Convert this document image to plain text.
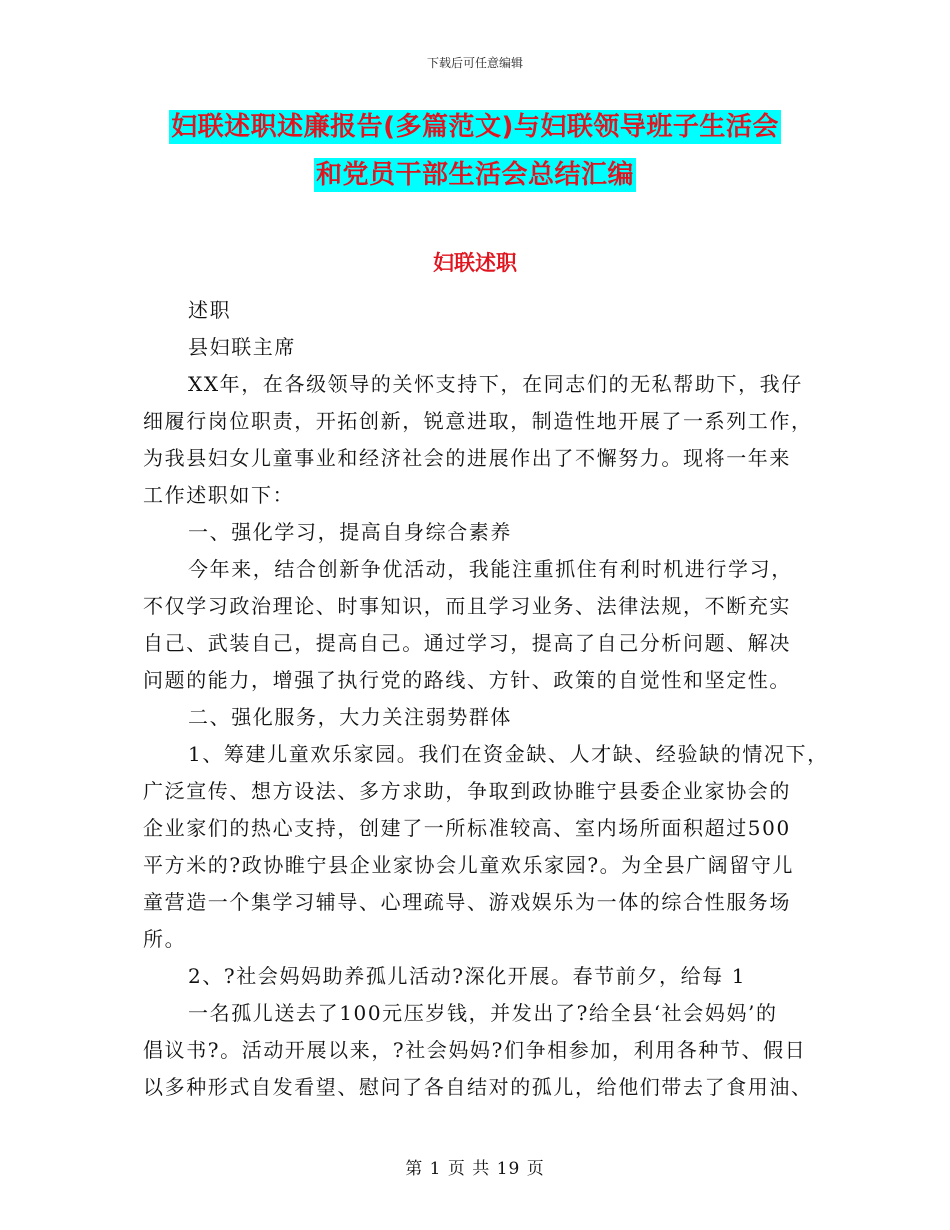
下载后可任意编辑
妇联述职述廉报告(多篇范文)与妇联领导班子生活会
和党员干部生活会总结汇编
妇联述职

述职

县妇联主席

XX年，在各级领导的关怀支持下，在同志们的无私帮助下，我仔

细履行岗位职责，开拓创新，锐意进取，制造性地开展了一系列工作，

为我县妇女儿童事业和经济社会的进展作出了不懈努力。现将一年来

工作述职如下：

一、强化学习，提高自身综合素养

今年来，结合创新争优活动，我能注重抓住有利时机进行学习，

不仅学习政治理论、时事知识，而且学习业务、法律法规，不断充实

自己、武装自己，提高自己。通过学习，提高了自己分析问题、解决

问题的能力，增强了执行党的路线、方针、政策的自觉性和坚定性。

二、强化服务，大力关注弱势群体

1、筹建儿童欢乐家园。我们在资金缺、人才缺、经验缺的情况下，

广泛宣传、想方设法、多方求助，争取到政协睢宁县委企业家协会的

企业家们的热心支持，创建了一所标准较高、室内场所面积超过500

平方米的?政协睢宁县企业家协会儿童欢乐家园?。为全县广阔留守儿

童营造一个集学习辅导、心理疏导、游戏娱乐为一体的综合性服务场

所。

2、?社会妈妈助养孤儿活动?深化开展。春节前夕，给每 1

一名孤儿送去了100元压岁钱，并发出了?给全县‘社会妈妈’的

倡议书?。活动开展以来，?社会妈妈?们争相参加，利用各种节、假日

以多种形式自发看望、慰问了各自结对的孤儿，给他们带去了食用油、

第 1 页 共 19 页
